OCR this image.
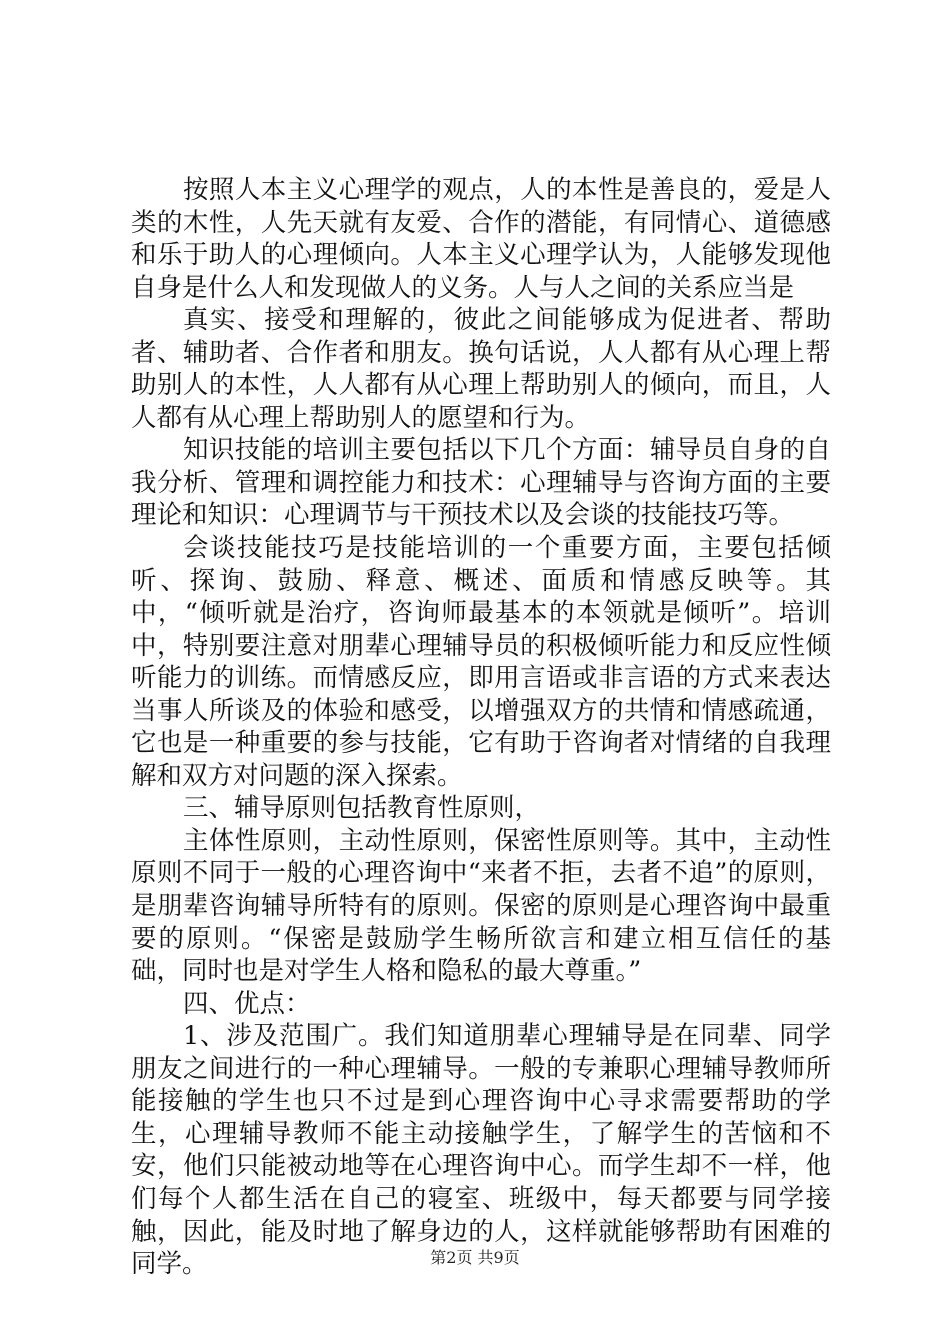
按照人本主义心理学的观点，人的本性是善良的，爱是人类的木性，人先天就有友爱、合作的潜能，有同情心、道德感和乐于助人的心理倾向。人本主义心理学认为，人能够发现他自身是什么人和发现做人的义务。人与人之间的关系应当是

真实、接受和理解的，彼此之间能够成为促进者、帮助者、辅助者、合作者和朋友。换句话说，人人都有从心理上帮助别人的本性，人人都有从心理上帮助别人的倾向，而且，人人都有从心理上帮助别人的愿望和行为。

知识技能的培训主要包括以下几个方面：辅导员自身的自我分析、管理和调控能力和技术：心理辅导与咨询方面的主要理论和知识：心理调节与干预技术以及会谈的技能技巧等。

会谈技能技巧是技能培训的一个重要方面，主要包括倾听、探询、鼓励、释意、概述、面质和情感反映等。其中，“倾听就是治疗，咨询师最基本的本领就是倾听”。培训中，特别要注意对朋辈心理辅导员的积极倾听能力和反应性倾听能力的训练。而情感反应，即用言语或非言语的方式来表达当事人所谈及的体验和感受，以增强双方的共情和情感疏通，它也是一种重要的参与技能，它有助于咨询者对情绪的自我理解和双方对问题的深入探索。

三、辅导原则包括教育性原则，

主体性原则，主动性原则，保密性原则等。其中，主动性原则不同于一般的心理咨询中“来者不拒，去者不追”的原则，是朋辈咨询辅导所特有的原则。保密的原则是心理咨询中最重要的原则。“保密是鼓励学生畅所欲言和建立相互信任的基础，同时也是对学生人格和隐私的最大尊重。”

四、优点：

1、涉及范围广。我们知道朋辈心理辅导是在同辈、同学朋友之间进行的一种心理辅导。一般的专兼职心理辅导教师所能接触的学生也只不过是到心理咨询中心寻求需要帮助的学生，心理辅导教师不能主动接触学生，了解学生的苦恼和不安，他们只能被动地等在心理咨询中心。而学生却不一样，他们每个人都生活在自己的寝室、班级中，每天都要与同学接触，因此，能及时地了解身边的人，这样就能够帮助有困难的同学。	第2页 共9页
